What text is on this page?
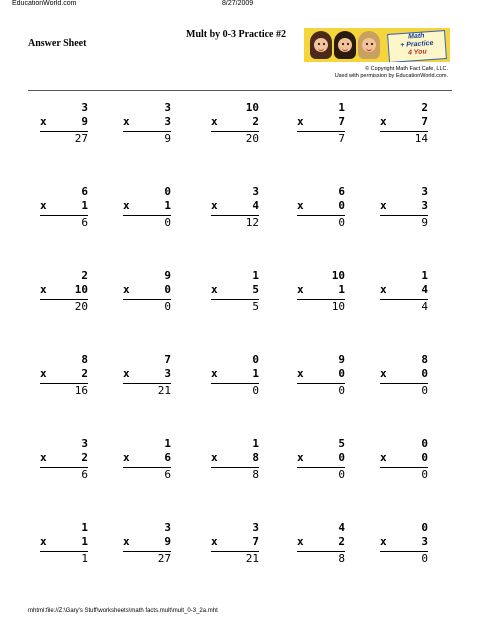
EducationWorld.com	8/27/2009
Answer Sheet
Mult by 0-3 Practice #2	Math
+ Practice
4 You
© Copyright Math Fact Cafe, LLC.
Used with permission by EducationWorld.com.
3
x	9
27
3
x	3
9
10
x	2
20
1
x	7
7
2
x	7
14
6
x	1
6
0
x	1
0
3
x	4
12
6
x	0
0
3
x	3
9
2
x	10
20
9
x	0
0
1
x	5
5
10
x	1
10
1
x	4
4
8
x	2
16
7
x	3
21
0
x	1
0
9
x	0
0
8
x	0
0
3
x	2
6
1
x	6
6
1
x	8
8
5
x	0
0
0
x	0
0
1
x	1
1
3
x	9
27
3
x	7
21
4
x	2
8
0
x	3
0
mhtml:file://Z:\Gary's Stuff\worksheets\math facts.mult\mult_0-3_2a.mht
